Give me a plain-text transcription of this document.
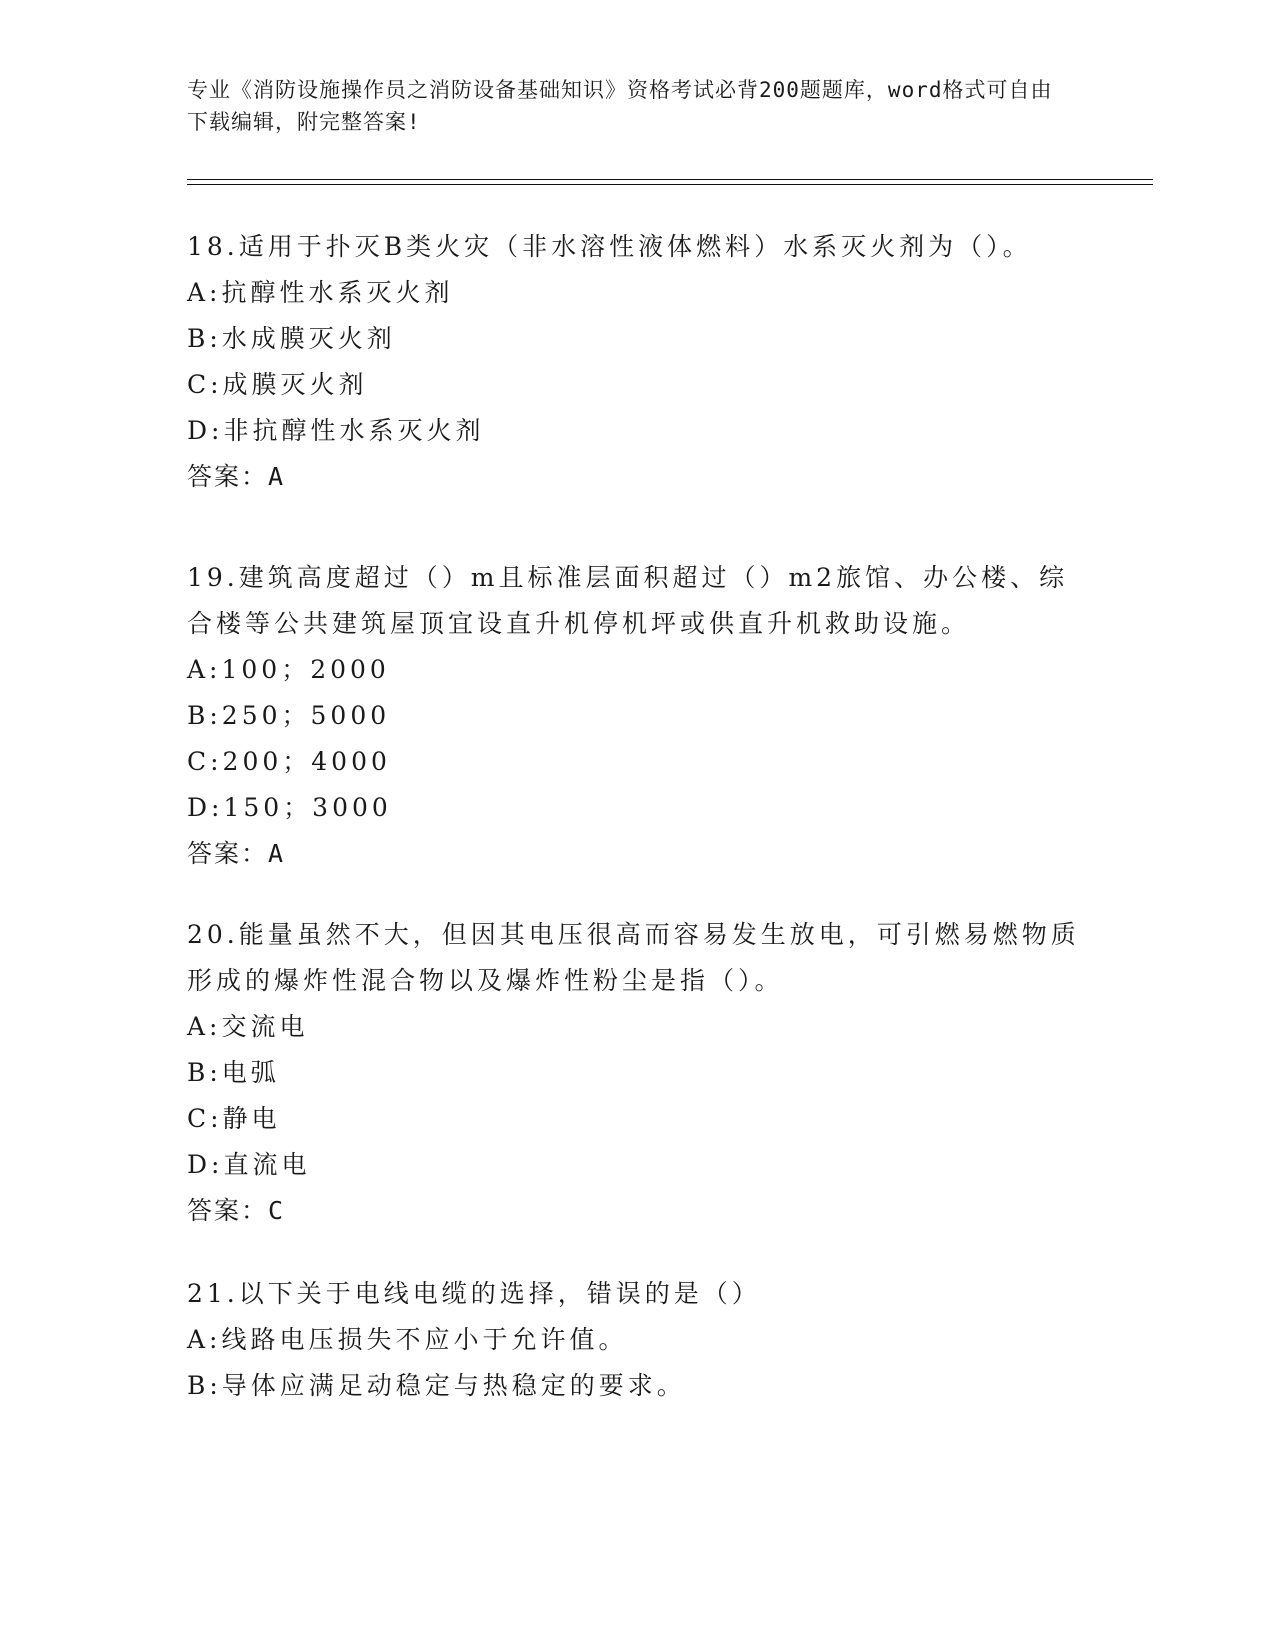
专业《消防设施操作员之消防设备基础知识》资格考试必背200题题库，word格式可自由下载编辑，附完整答案!

18.适用于扑灭B类火灾（非水溶性液体燃料）水系灭火剂为（）。

A:抗醇性水系灭火剂

B:水成膜灭火剂

C:成膜灭火剂

D:非抗醇性水系灭火剂

答案：A

19.建筑高度超过（）m且标准层面积超过（）m2旅馆、办公楼、综合楼等公共建筑屋顶宜设直升机停机坪或供直升机救助设施。

A:100；2000

B:250；5000

C:200；4000

D:150；3000

答案：A

20.能量虽然不大，但因其电压很高而容易发生放电，可引燃易燃物质形成的爆炸性混合物以及爆炸性粉尘是指（）。

A:交流电

B:电弧

C:静电

D:直流电

答案：C

21.以下关于电线电缆的选择，错误的是（）

A:线路电压损失不应小于允许值。

B:导体应满足动稳定与热稳定的要求。
